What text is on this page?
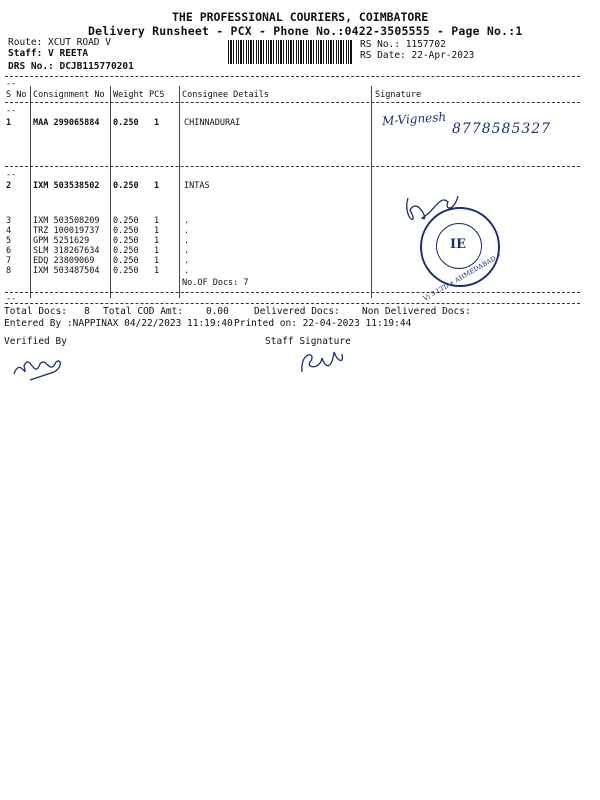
THE PROFESSIONAL COURIERS, COIMBATORE
Delivery Runsheet - PCX - Phone No.:0422-3505555 - Page No.:1
Route: XCUT ROAD V
Staff: V REETA
DRS No.: DCJB115770201
RS No.: 1157702
RS Date: 22-Apr-2023
--
S No Consignment No Weight PCS Consignee Details	Signature
--
1	MAA 299065884 0.250 1	CHINNADURAI
--
2	IXM 503538502 0.250 1	INTAS
3	IXM 503508209 0.250 1	.
4	TRZ 100019737 0.250 1	.
5	GPM 5251629	0.250 1	.
6	SLM 318267634 0.250 1	.
7	EDQ 23809069 0.250 1	.
8	IXM 503487504 0.250 1	.
No.OF Docs: 7
--
Total Docs:   8 Total COD Amt:    0.00	Delivered Docs: Non Delivered Docs:
Entered By :NAPPINAX 04/22/2023 11:19:40 Printed on: 22-04-2023 11:19:44
Verified By	Staff Signature
M-Vignesh
8778585327
IE
Vi 3 LTD • AHMEDABAD •
